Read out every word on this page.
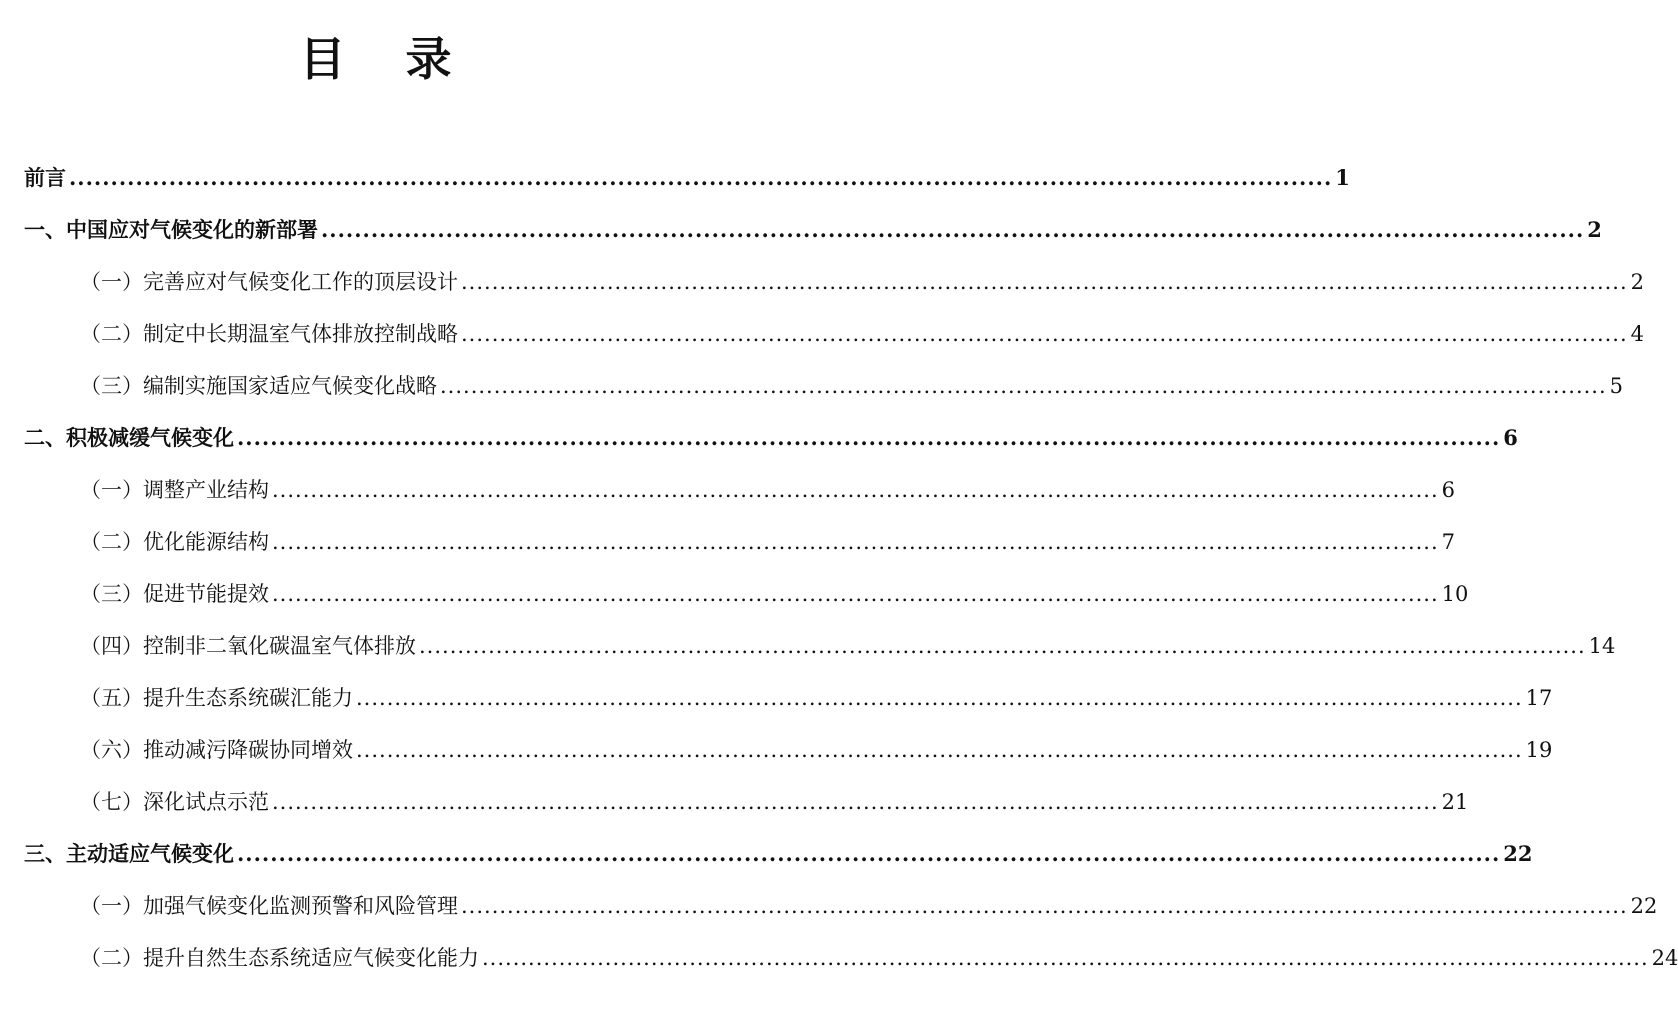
目 录
前言 ........................................................................................................................................................ 1
一、中国应对气候变化的新部署 ........................................................................................................................................................ 2
（一）完善应对气候变化工作的顶层设计 ........................................................................................................................................................ 2
（二）制定中长期温室气体排放控制战略 ........................................................................................................................................................ 4
（三）编制实施国家适应气候变化战略 ........................................................................................................................................................ 5
二、积极减缓气候变化 ........................................................................................................................................................ 6
（一）调整产业结构 ........................................................................................................................................................ 6
（二）优化能源结构 ........................................................................................................................................................ 7
（三）促进节能提效 ........................................................................................................................................................ 10
（四）控制非二氧化碳温室气体排放 ........................................................................................................................................................ 14
（五）提升生态系统碳汇能力 ........................................................................................................................................................ 17
（六）推动减污降碳协同增效 ........................................................................................................................................................ 19
（七）深化试点示范 ........................................................................................................................................................ 21
三、主动适应气候变化 ........................................................................................................................................................ 22
（一）加强气候变化监测预警和风险管理 ........................................................................................................................................................ 22
（二）提升自然生态系统适应气候变化能力 ........................................................................................................................................................ 24
